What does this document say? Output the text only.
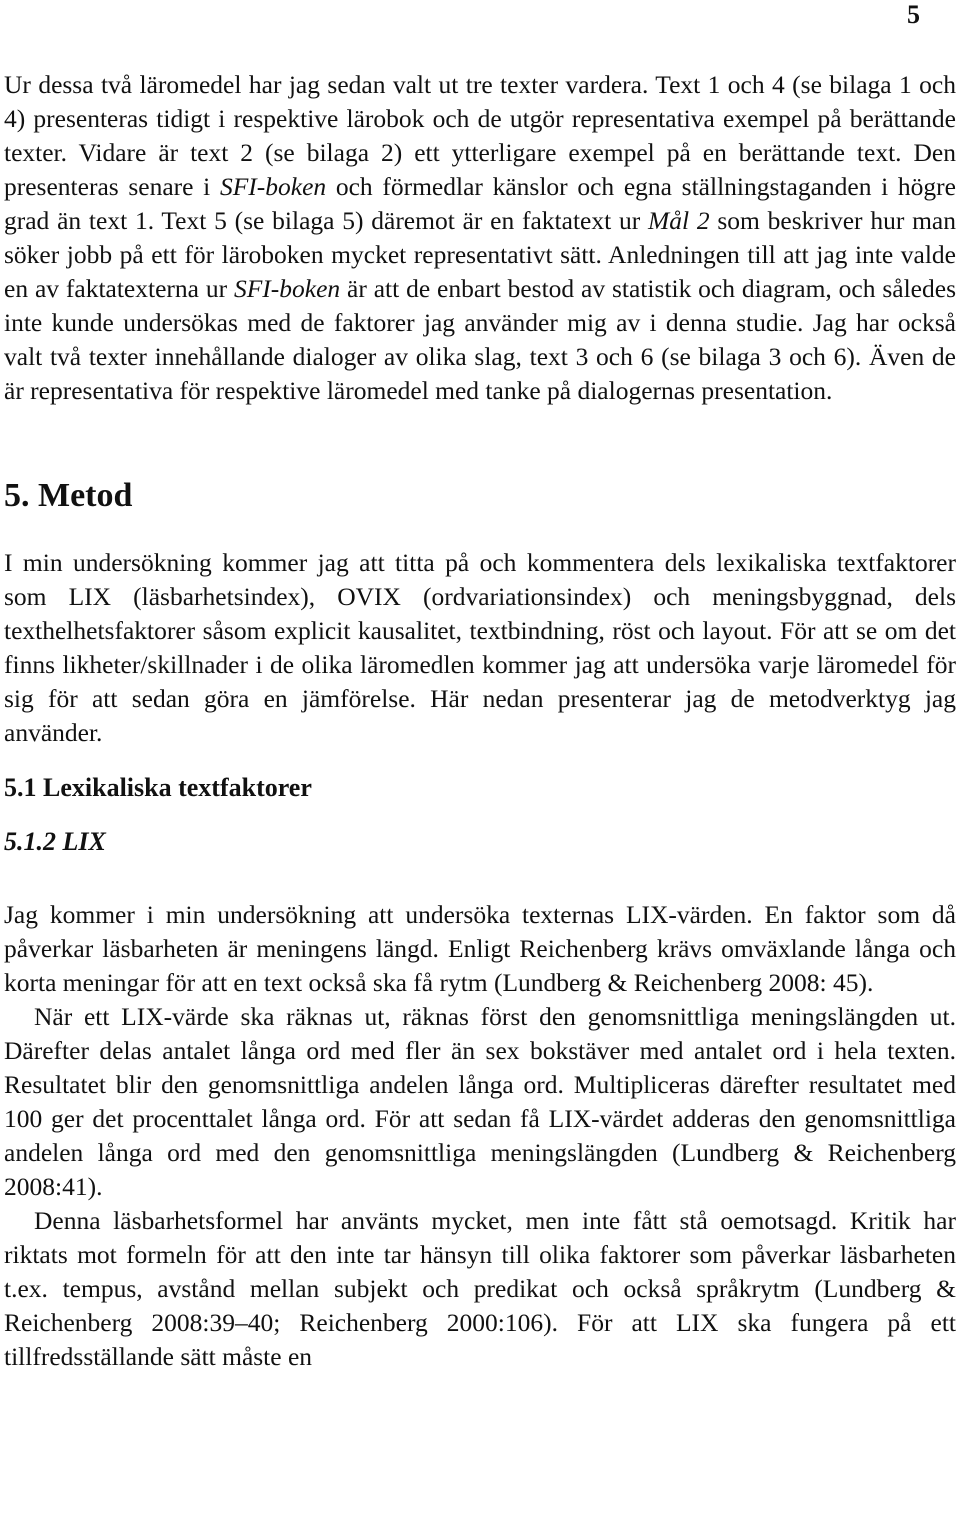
5

Ur dessa två läromedel har jag sedan valt ut tre texter vardera. Text 1 och 4 (se bilaga 1 och 4) presenteras tidigt i respektive lärobok och de utgör representativa exempel på berättande texter. Vidare är text 2 (se bilaga 2) ett ytterligare exempel på en berättande text. Den presenteras senare i SFI-boken och förmedlar känslor och egna ställningstaganden i högre grad än text 1. Text 5 (se bilaga 5) däremot är en faktatext ur Mål 2 som beskriver hur man söker jobb på ett för läroboken mycket representativt sätt. Anledningen till att jag inte valde en av faktatexterna ur SFI-boken är att de enbart bestod av statistik och diagram, och således inte kunde undersökas med de faktorer jag använder mig av i denna studie. Jag har också valt två texter innehållande dialoger av olika slag, text 3 och 6 (se bilaga 3 och 6). Även de är representativa för respektive läromedel med tanke på dialogernas presentation.

5. Metod

I min undersökning kommer jag att titta på och kommentera dels lexikaliska textfaktorer som LIX (läsbarhetsindex), OVIX (ordvariationsindex) och meningsbyggnad, dels texthelhetsfaktorer såsom explicit kausalitet, textbindning, röst och layout. För att se om det finns likheter/skillnader i de olika läromedlen kommer jag att undersöka varje läromedel för sig för att sedan göra en jämförelse. Här nedan presenterar jag de metodverktyg jag använder.

5.1 Lexikaliska textfaktorer
5.1.2 LIX

Jag kommer i min undersökning att undersöka texternas LIX-värden. En faktor som då påverkar läsbarheten är meningens längd. Enligt Reichenberg krävs omväxlande långa och korta meningar för att en text också ska få rytm (Lundberg & Reichenberg 2008: 45).

När ett LIX-värde ska räknas ut, räknas först den genomsnittliga meningslängden ut. Därefter delas antalet långa ord med fler än sex bokstäver med antalet ord i hela texten. Resultatet blir den genomsnittliga andelen långa ord. Multipliceras därefter resultatet med 100 ger det procenttalet långa ord. För att sedan få LIX-värdet adderas den genomsnittliga andelen långa ord med den genomsnittliga meningslängden (Lundberg & Reichenberg 2008:41).

Denna läsbarhetsformel har använts mycket, men inte fått stå oemotsagd. Kritik har riktats mot formeln för att den inte tar hänsyn till olika faktorer som påverkar läsbarheten t.ex. tempus, avstånd mellan subjekt och predikat och också språkrytm (Lundberg & Reichenberg 2008:39–40; Reichenberg 2000:106). För att LIX ska fungera på ett tillfredsställande sätt måste en
